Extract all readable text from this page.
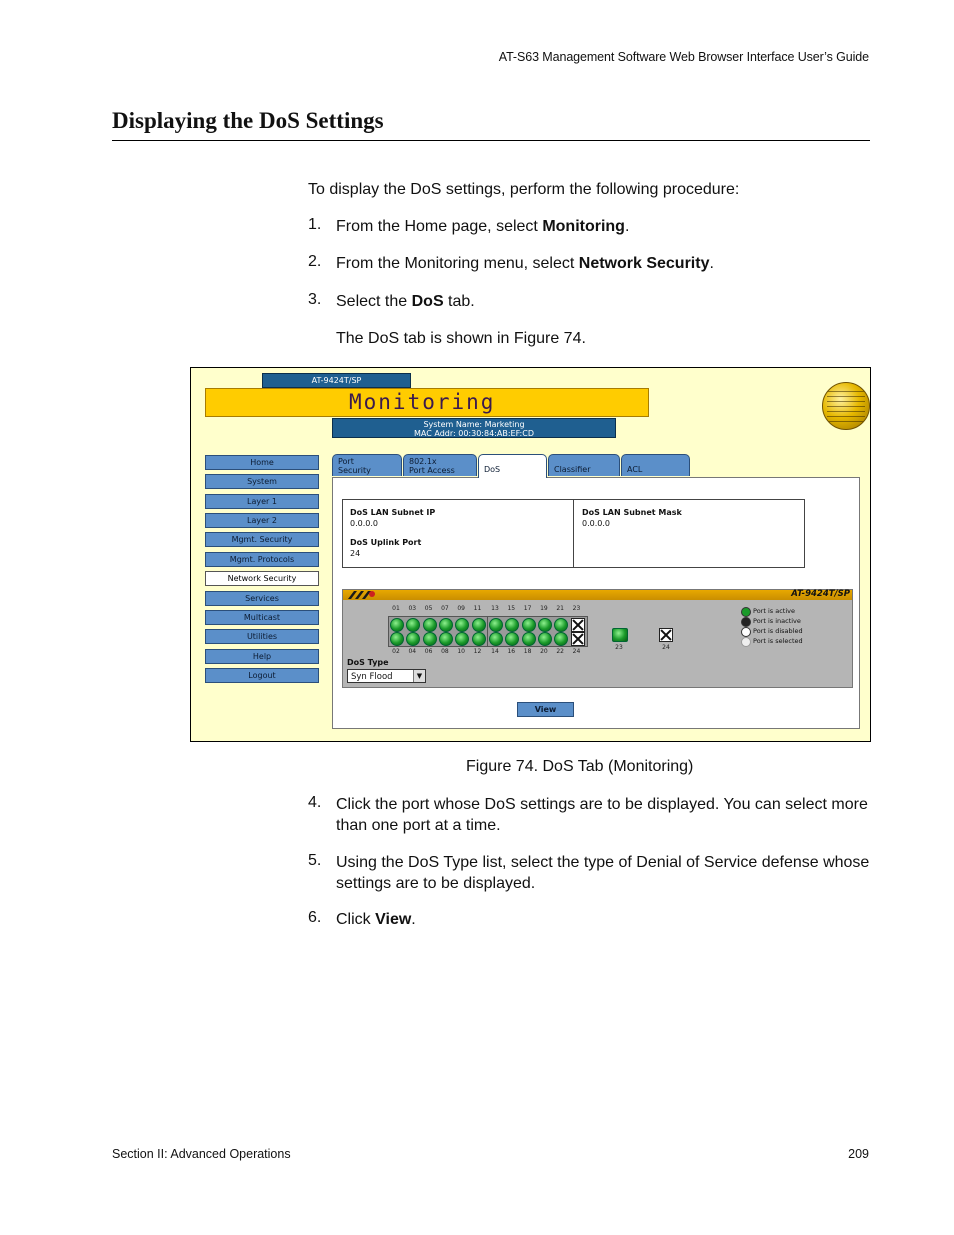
AT-S63 Management Software Web Browser Interface User’s Guide
Displaying the DoS Settings
To display the DoS settings, perform the following procedure:
1. From the Home page, select Monitoring.
2. From the Monitoring menu, select Network Security.
3. Select the DoS tab.
The DoS tab is shown in Figure 74.
AT-9424T/SP
Monitoring
System Name: Marketing
MAC Addr: 00:30:84:AB:EF:CD
Home
System
Layer 1
Layer 2
Mgmt. Security
Mgmt. Protocols
Network Security
Services
Multicast
Utilities
Help
Logout
Port
Security
802.1x
Port Access	DoS	Classifier	ACL
DoS LAN Subnet IP
0.0.0.0
DoS Uplink Port
24
DoS LAN Subnet Mask
0.0.0.0
AT-9424T/SP
01
02
03
04
05
06
07
08
09
10
11
12
13
14
15
16
17
18
19
20
21
22
23
24
23	24
Port is active
Port is inactive
Port is disabled
Port is selected
DoS Type
Syn Flood	▼
View
Figure 74. DoS Tab (Monitoring)
4. Click the port whose DoS settings are to be displayed. You can select more than one port at a time.
5. Using the DoS Type list, select the type of Denial of Service defense whose settings are to be displayed.
6. Click View.
Section II: Advanced Operations	209
